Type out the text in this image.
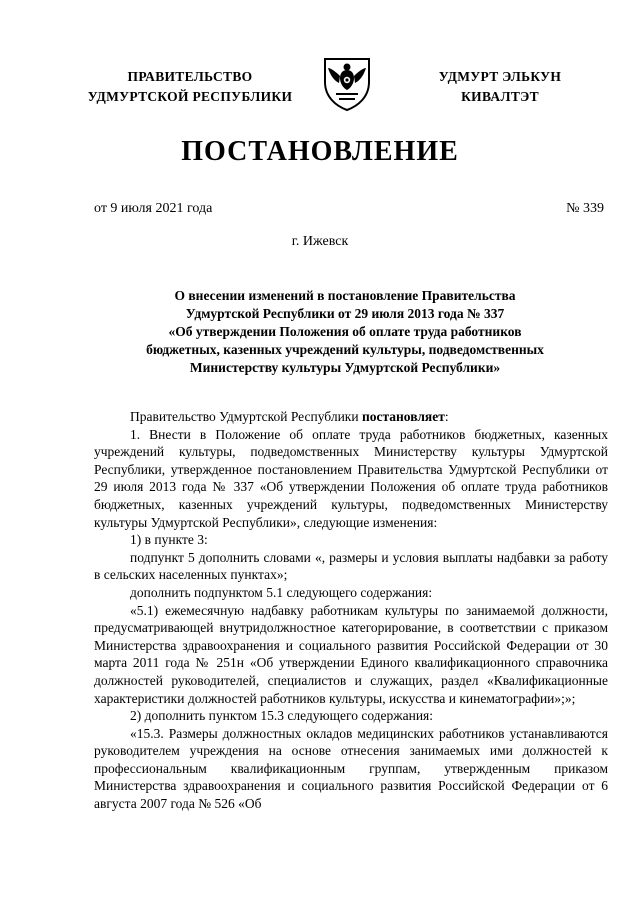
ПРАВИТЕЛЬСТВО
УДМУРТСКОЙ РЕСПУБЛИКИ
УДМУРТ ЭЛЬКУН
КИВАЛТЭТ
ПОСТАНОВЛЕНИЕ
от 9 июля 2021 года	№ 339
г. Ижевск
О внесении изменений в постановление Правительства
Удмуртской Республики от 29 июля 2013 года № 337
«Об утверждении Положения об оплате труда работников
бюджетных, казенных учреждений культуры, подведомственных
Министерству культуры Удмуртской Республики»

Правительство Удмуртской Республики постановляет:

1. Внести в Положение об оплате труда работников бюджетных, казенных учреждений культуры, подведомственных Министерству культуры Удмуртской Республики, утвержденное постановлением Правительства Удмуртской Республики от 29 июля 2013 года № 337 «Об утверждении Положения об оплате труда работников бюджетных, казенных учреждений культуры, подведомственных Министерству культуры Удмуртской Республики», следующие изменения:

1) в пункте 3:

подпункт 5 дополнить словами «, размеры и условия выплаты надбавки за работу в сельских населенных пунктах»;

дополнить подпунктом 5.1 следующего содержания:

«5.1) ежемесячную надбавку работникам культуры по занимаемой должности, предусматривающей внутридолжностное категорирование, в соответствии с приказом Министерства здравоохранения и социального развития Российской Федерации от 30 марта 2011 года № 251н «Об утверждении Единого квалификационного справочника должностей руководителей, специалистов и служащих, раздел «Квалификационные характеристики должностей работников культуры, искусства и кинематографии»;»;

2) дополнить пунктом 15.3 следующего содержания:

«15.3. Размеры должностных окладов медицинских работников устанавливаются руководителем учреждения на основе отнесения занимаемых ими должностей к профессиональным квалификационным группам, утвержденным приказом Министерства здравоохранения и социального развития Российской Федерации от 6 августа 2007 года № 526 «Об
